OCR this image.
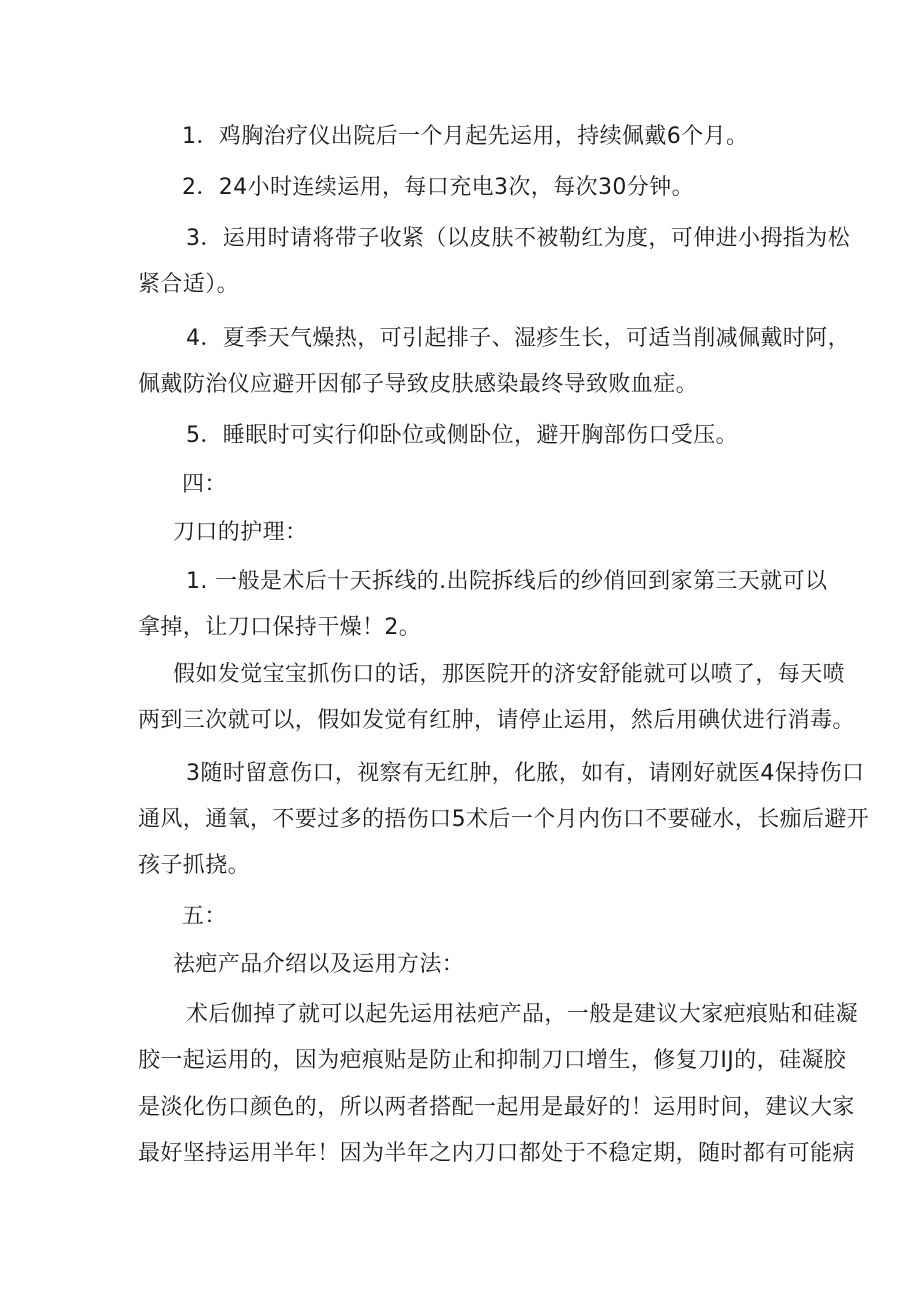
1．鸡胸治疗仪出院后一个月起先运用，持续佩戴6个月。
2．24小时连续运用，每口充电3次，每次30分钟。
3．运用时请将带子收紧（以皮肤不被勒红为度，可伸进小拇指为松
紧合适）。
4．夏季天气燥热，可引起排子、湿疹生长，可适当削减佩戴时阿，
佩戴防治仪应避开因郁子导致皮肤感染最终导致败血症。
5．睡眠时可实行仰卧位或侧卧位，避开胸部伤口受压。
四：
刀口的护理：
1. 一般是术后十天拆线的.出院拆线后的纱俏回到家第三天就可以
拿掉，让刀口保持干燥！2。
假如发觉宝宝抓伤口的话，那医院开的济安舒能就可以喷了，每天喷
两到三次就可以，假如发觉有红肿，请停止运用，然后用碘伏进行消毒。
3随时留意伤口，视察有无红肿，化脓，如有，请刚好就医4保持伤口
通风，通氧，不要过多的捂伤口5术后一个月内伤口不要碰水，长痂后避开
孩子抓挠。
五：
祛疤产品介绍以及运用方法：
术后伽掉了就可以起先运用祛疤产品，一般是建议大家疤痕贴和硅凝
胶一起运用的，因为疤痕贴是防止和抑制刀口增生，修复刀IJ的，硅凝胶
是淡化伤口颜色的，所以两者搭配一起用是最好的！运用时间，建议大家
最好坚持运用半年！因为半年之内刀口都处于不稳定期，随时都有可能病
